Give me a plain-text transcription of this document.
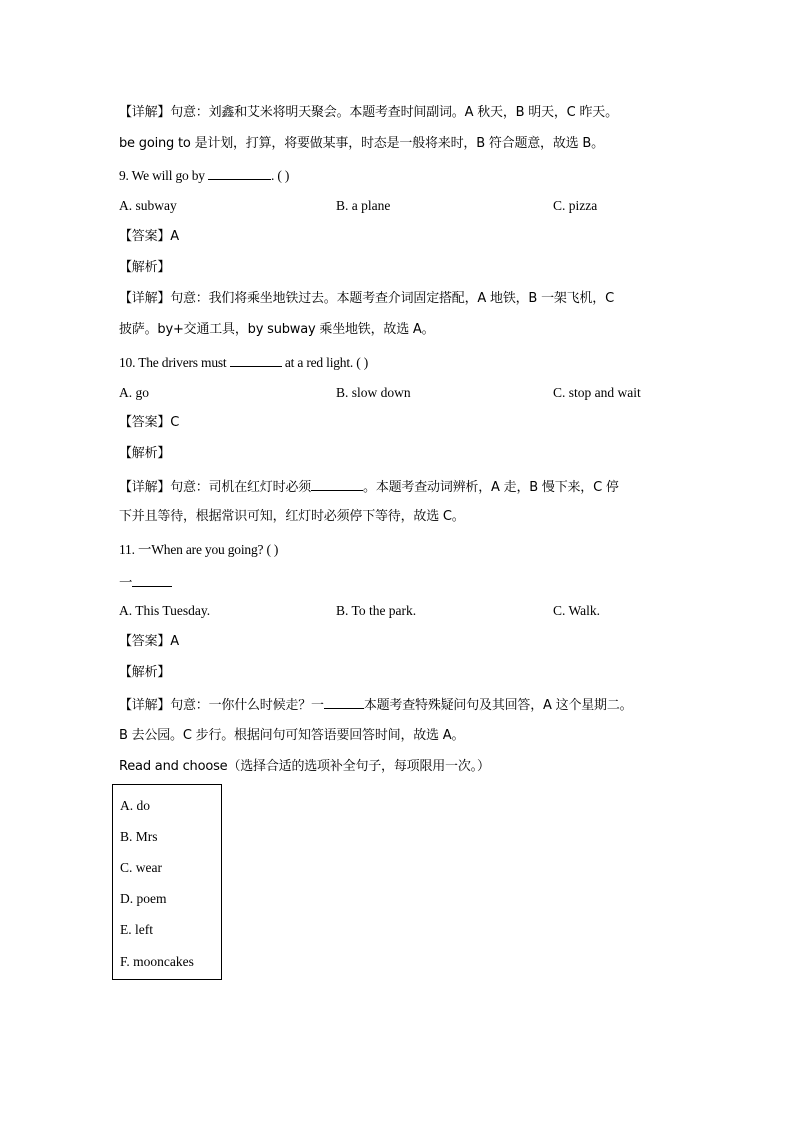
【详解】句意：刘鑫和艾米将明天聚会。本题考查时间副词。A 秋天，B 明天，C 昨天。
be going to 是计划，打算，将要做某事，时态是一般将来时，B 符合题意，故选 B。
9. We will go by	. ( )
A. subway	B. a plane	C. pizza
【答案】A
【解析】
【详解】句意：我们将乘坐地铁过去。本题考查介词固定搭配，A 地铁，B 一架飞机，C
披萨。by+交通工具，by subway 乘坐地铁，故选 A。
10. The drivers must	at a red light. ( )
A. go	B. slow down	C. stop and wait
【答案】C
【解析】
【详解】句意：司机在红灯时必须	。本题考查动词辨析，A 走，B 慢下来，C 停
下并且等待，根据常识可知，红灯时必须停下等待，故选 C。
11. 一When are you going? ( )
一
A. This Tuesday.	B. To the park.	C. Walk.
【答案】A
【解析】
【详解】句意：一你什么时候走？一	本题考查特殊疑问句及其回答，A 这个星期二。
B 去公园。C 步行。根据问句可知答语要回答时间，故选 A。
Read and choose（选择合适的选项补全句子，每项限用一次。）
A. do
B. Mrs
C. wear
D. poem
E. left
F. mooncakes
